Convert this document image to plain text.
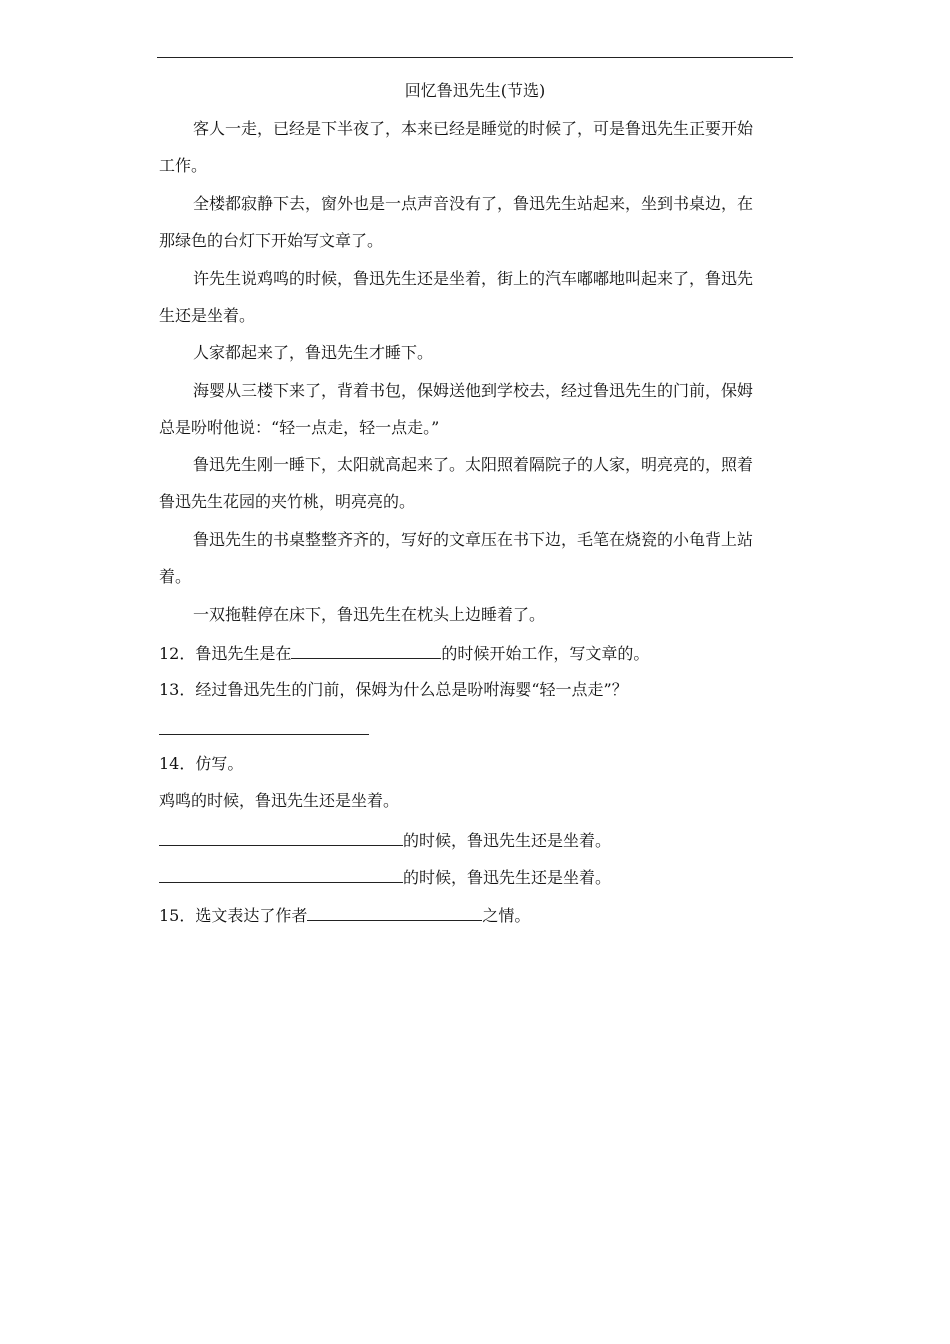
回忆鲁迅先生(节选)
客人一走，已经是下半夜了，本来已经是睡觉的时候了，可是鲁迅先生正要开始
工作。
全楼都寂静下去，窗外也是一点声音没有了，鲁迅先生站起来，坐到书桌边，在
那绿色的台灯下开始写文章了。
许先生说鸡鸣的时候，鲁迅先生还是坐着，街上的汽车嘟嘟地叫起来了，鲁迅先
生还是坐着。
人家都起来了，鲁迅先生才睡下。
海婴从三楼下来了，背着书包，保姆送他到学校去，经过鲁迅先生的门前，保姆
总是吩咐他说：“轻一点走，轻一点走。”
鲁迅先生刚一睡下，太阳就高起来了。太阳照着隔院子的人家，明亮亮的，照着
鲁迅先生花园的夹竹桃，明亮亮的。
鲁迅先生的书桌整整齐齐的，写好的文章压在书下边，毛笔在烧瓷的小龟背上站
着。
一双拖鞋停在床下，鲁迅先生在枕头上边睡着了。
12．鲁迅先生是在	的时候开始工作，写文章的。
13．经过鲁迅先生的门前，保姆为什么总是吩咐海婴“轻一点走”？
14．仿写。
鸡鸣的时候，鲁迅先生还是坐着。
的时候，鲁迅先生还是坐着。
的时候，鲁迅先生还是坐着。
15．选文表达了作者	之情。
